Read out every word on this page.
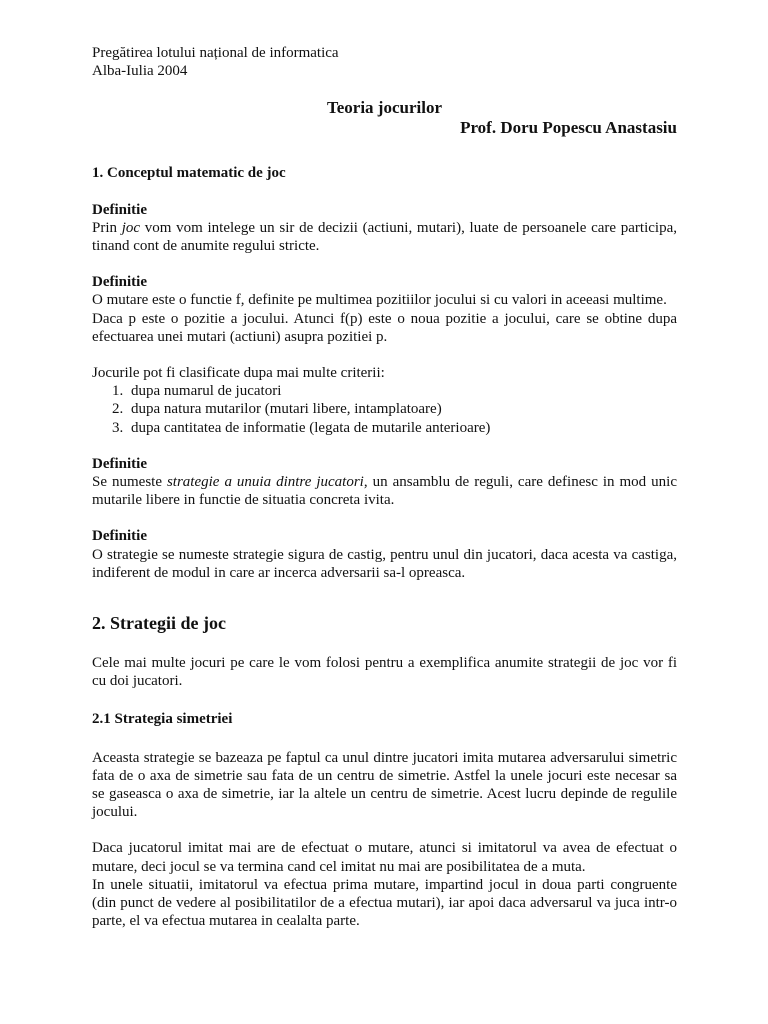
Pregătirea lotului național de informatica
Alba-Iulia 2004
Teoria jocurilor
Prof. Doru Popescu Anastasiu

1. Conceptul matematic de joc

Definitie

Prin joc vom vom intelege un sir de decizii (actiuni, mutari), luate de persoanele care participa, tinand cont de anumite regului stricte.

Definitie

O mutare este o functie f, definite pe multimea pozitiilor jocului si cu valori in aceeasi multime.

Daca p este o pozitie a jocului. Atunci f(p) este o noua pozitie a jocului, care se obtine dupa efectuarea unei mutari (actiuni) asupra pozitiei p.

Jocurile pot fi clasificate dupa mai multe criterii:

1. dupa numarul de jucatori
2. dupa natura mutarilor (mutari libere, intamplatoare)
3. dupa cantitatea de informatie (legata de mutarile anterioare)

Definitie

Se numeste strategie a unuia dintre jucatori, un ansamblu de reguli, care definesc in mod unic mutarile libere in functie de situatia concreta ivita.

Definitie

O strategie se numeste strategie sigura de castig, pentru unul din jucatori, daca acesta va castiga, indiferent de modul in care ar incerca adversarii sa-l opreasca.

2. Strategii de joc

Cele mai multe jocuri pe care le vom folosi pentru a exemplifica anumite strategii de joc vor fi cu doi jucatori.

2.1 Strategia simetriei

Aceasta strategie se bazeaza pe faptul ca unul dintre jucatori imita mutarea adversarului simetric fata de o axa de simetrie sau fata de un centru de simetrie. Astfel la unele jocuri este necesar sa se gaseasca o axa de simetrie, iar la altele un centru de simetrie. Acest lucru depinde de regulile jocului.

Daca jucatorul imitat mai are de efectuat o mutare, atunci si imitatorul va avea de efectuat o mutare, deci jocul se va termina cand cel imitat nu mai are posibilitatea de a muta.

In unele situatii, imitatorul va efectua prima mutare, impartind jocul in doua parti congruente (din punct de vedere al posibilitatilor de a efectua mutari), iar apoi daca adversarul va juca intr-o parte, el va efectua mutarea in cealalta parte.
